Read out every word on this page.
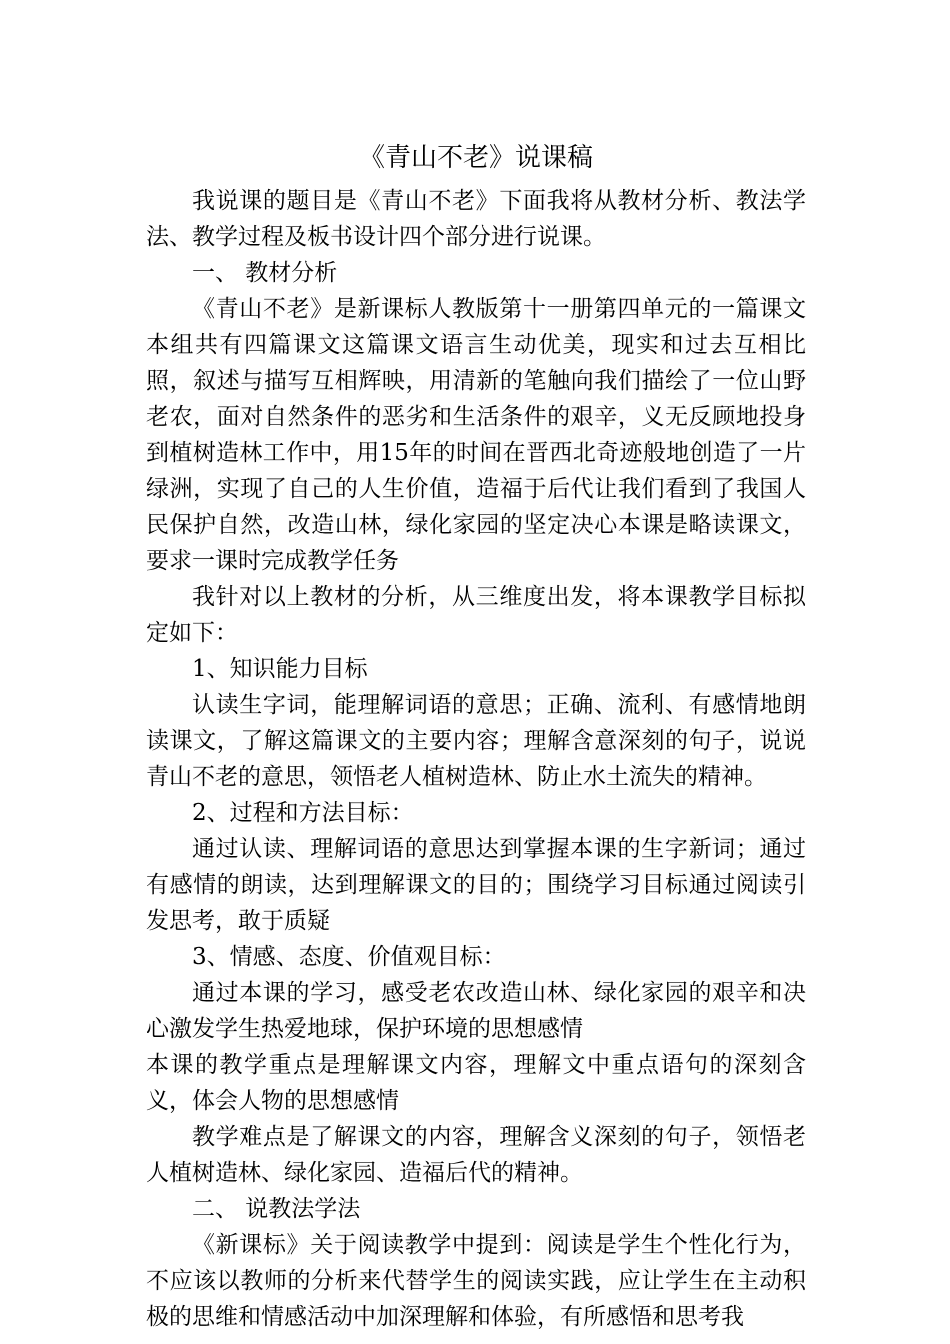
《青山不老》说课稿

我说课的题目是《青山不老》下面我将从教材分析、教法学法、教学过程及板书设计四个部分进行说课。

一、 教材分析

《青山不老》是新课标人教版第十一册第四单元的一篇课文本组共有四篇课文这篇课文语言生动优美，现实和过去互相比照，叙述与描写互相辉映，用清新的笔触向我们描绘了一位山野老农，面对自然条件的恶劣和生活条件的艰辛，义无反顾地投身到植树造林工作中，用15年的时间在晋西北奇迹般地创造了一片绿洲，实现了自己的人生价值，造福于后代让我们看到了我国人民保护自然，改造山林，绿化家园的坚定决心本课是略读课文，要求一课时完成教学任务

我针对以上教材的分析，从三维度出发，将本课教学目标拟定如下：

1、知识能力目标

认读生字词，能理解词语的意思；正确、流利、有感情地朗读课文，了解这篇课文的主要内容；理解含意深刻的句子，说说青山不老的意思，领悟老人植树造林、防止水土流失的精神。

2、过程和方法目标：

通过认读、理解词语的意思达到掌握本课的生字新词；通过有感情的朗读，达到理解课文的目的；围绕学习目标通过阅读引发思考，敢于质疑

3、情感、态度、价值观目标：

通过本课的学习，感受老农改造山林、绿化家园的艰辛和决心激发学生热爱地球，保护环境的思想感情

本课的教学重点是理解课文内容，理解文中重点语句的深刻含义，体会人物的思想感情

教学难点是了解课文的内容，理解含义深刻的句子，领悟老人植树造林、绿化家园、造福后代的精神。

二、 说教法学法

《新课标》关于阅读教学中提到：阅读是学生个性化行为，不应该以教师的分析来代替学生的阅读实践，应让学生在主动积极的思维和情感活动中加深理解和体验，有所感悟和思考我
